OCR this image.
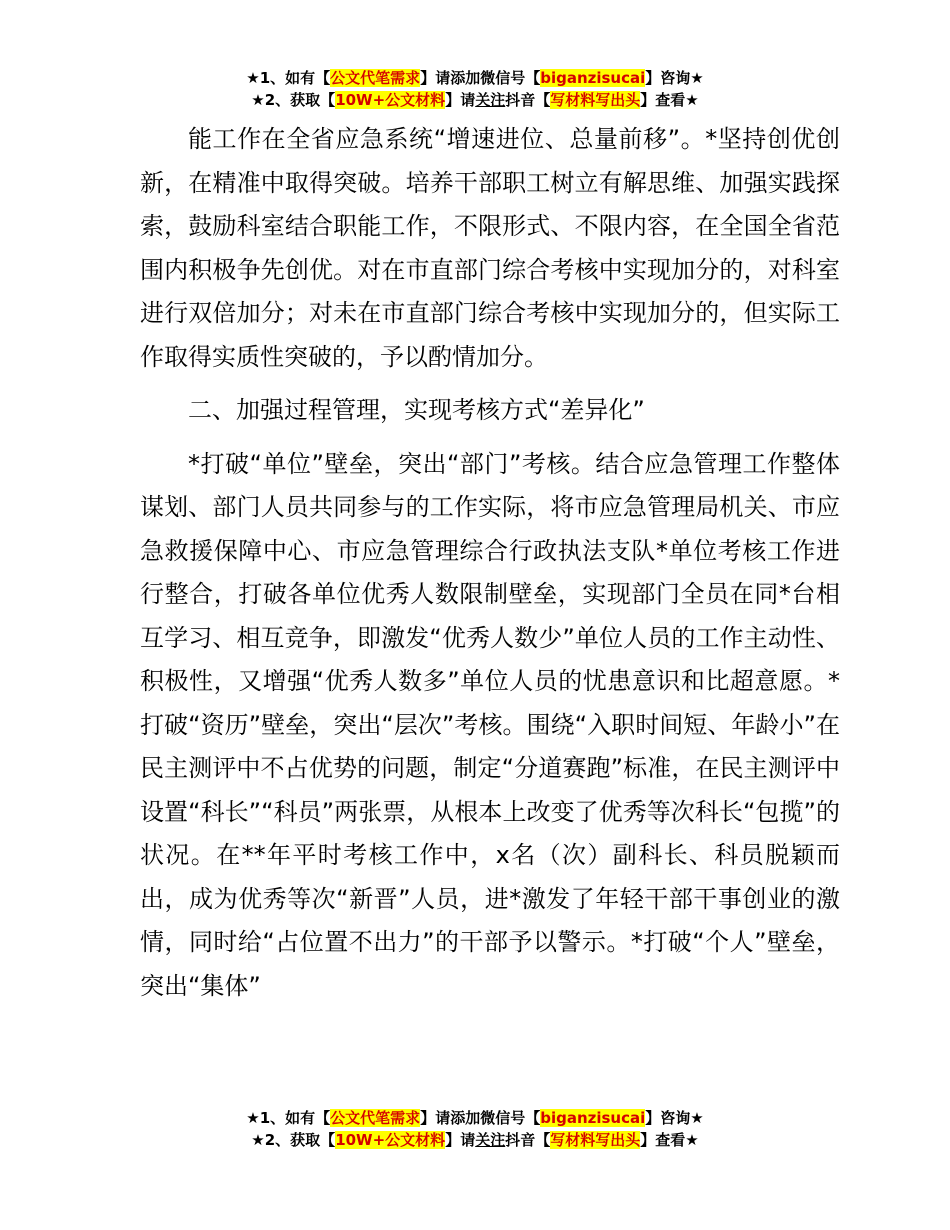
★1、如有【公文代笔需求】请添加微信号【biganzisucai】咨询★
★2、获取【10W+公文材料】请关注抖音【写材料写出头】查看★

能工作在全省应急系统“增速进位、总量前移”。*坚持创优创新，在精准中取得突破。培养干部职工树立有解思维、加强实践探索，鼓励科室结合职能工作，不限形式、不限内容，在全国全省范围内积极争先创优。对在市直部门综合考核中实现加分的，对科室进行双倍加分；对未在市直部门综合考核中实现加分的，但实际工作取得实质性突破的，予以酌情加分。

二、加强过程管理，实现考核方式“差异化”

*打破“单位”壁垒，突出“部门”考核。结合应急管理工作整体谋划、部门人员共同参与的工作实际，将市应急管理局机关、市应急救援保障中心、市应急管理综合行政执法支队*单位考核工作进行整合，打破各单位优秀人数限制壁垒，实现部门全员在同*台相互学习、相互竞争，即激发“优秀人数少”单位人员的工作主动性、积极性，又增强“优秀人数多”单位人员的忧患意识和比超意愿。*打破“资历”壁垒，突出“层次”考核。围绕“入职时间短、年龄小”在民主测评中不占优势的问题，制定“分道赛跑”标准，在民主测评中设置“科长”“科员”两张票，从根本上改变了优秀等次科长“包揽”的状况。在**年平时考核工作中，x名（次）副科长、科员脱颖而出，成为优秀等次“新晋”人员，进*激发了年轻干部干事创业的激情，同时给“占位置不出力”的干部予以警示。*打破“个人”壁垒，突出“集体”

★1、如有【公文代笔需求】请添加微信号【biganzisucai】咨询★
★2、获取【10W+公文材料】请关注抖音【写材料写出头】查看★
